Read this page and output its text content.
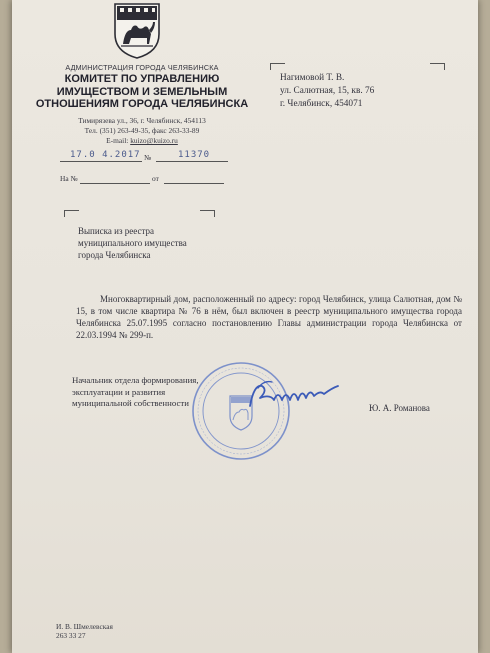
АДМИНИСТРАЦИЯ ГОРОДА ЧЕЛЯБИНСКА
КОМИТЕТ ПО УПРАВЛЕНИЮ
ИМУЩЕСТВОМ И ЗЕМЕЛЬНЫМ
ОТНОШЕНИЯМ ГОРОДА ЧЕЛЯБИНСКА
Тимирязева ул., 36, г. Челябинск, 454113
Тел. (351) 263-49-35, факс 263-33-89
E-mail: kuizo@kuizo.ru
17.0 4.2017 №	11370
На №	от
Нагимовой Т. В.
ул. Салютная, 15, кв. 76
г. Челябинск, 454071
Выписка из реестра
муниципального имущества
города Челябинска

Многоквартирный дом, расположенный по адресу: город Челябинск, улица Салютная, дом № 15, в том числе квартира № 76 в нём, был включен в реестр муниципального имущества города Челябинска 25.07.1995 согласно постановлению Главы администрации города Челябинска от 22.03.1994 № 299-п.

Начальник отдела формирования,
эксплуатации и развития
муниципальной собственности	Ю. А. Романова
И. В. Шмелевская
263 33 27
